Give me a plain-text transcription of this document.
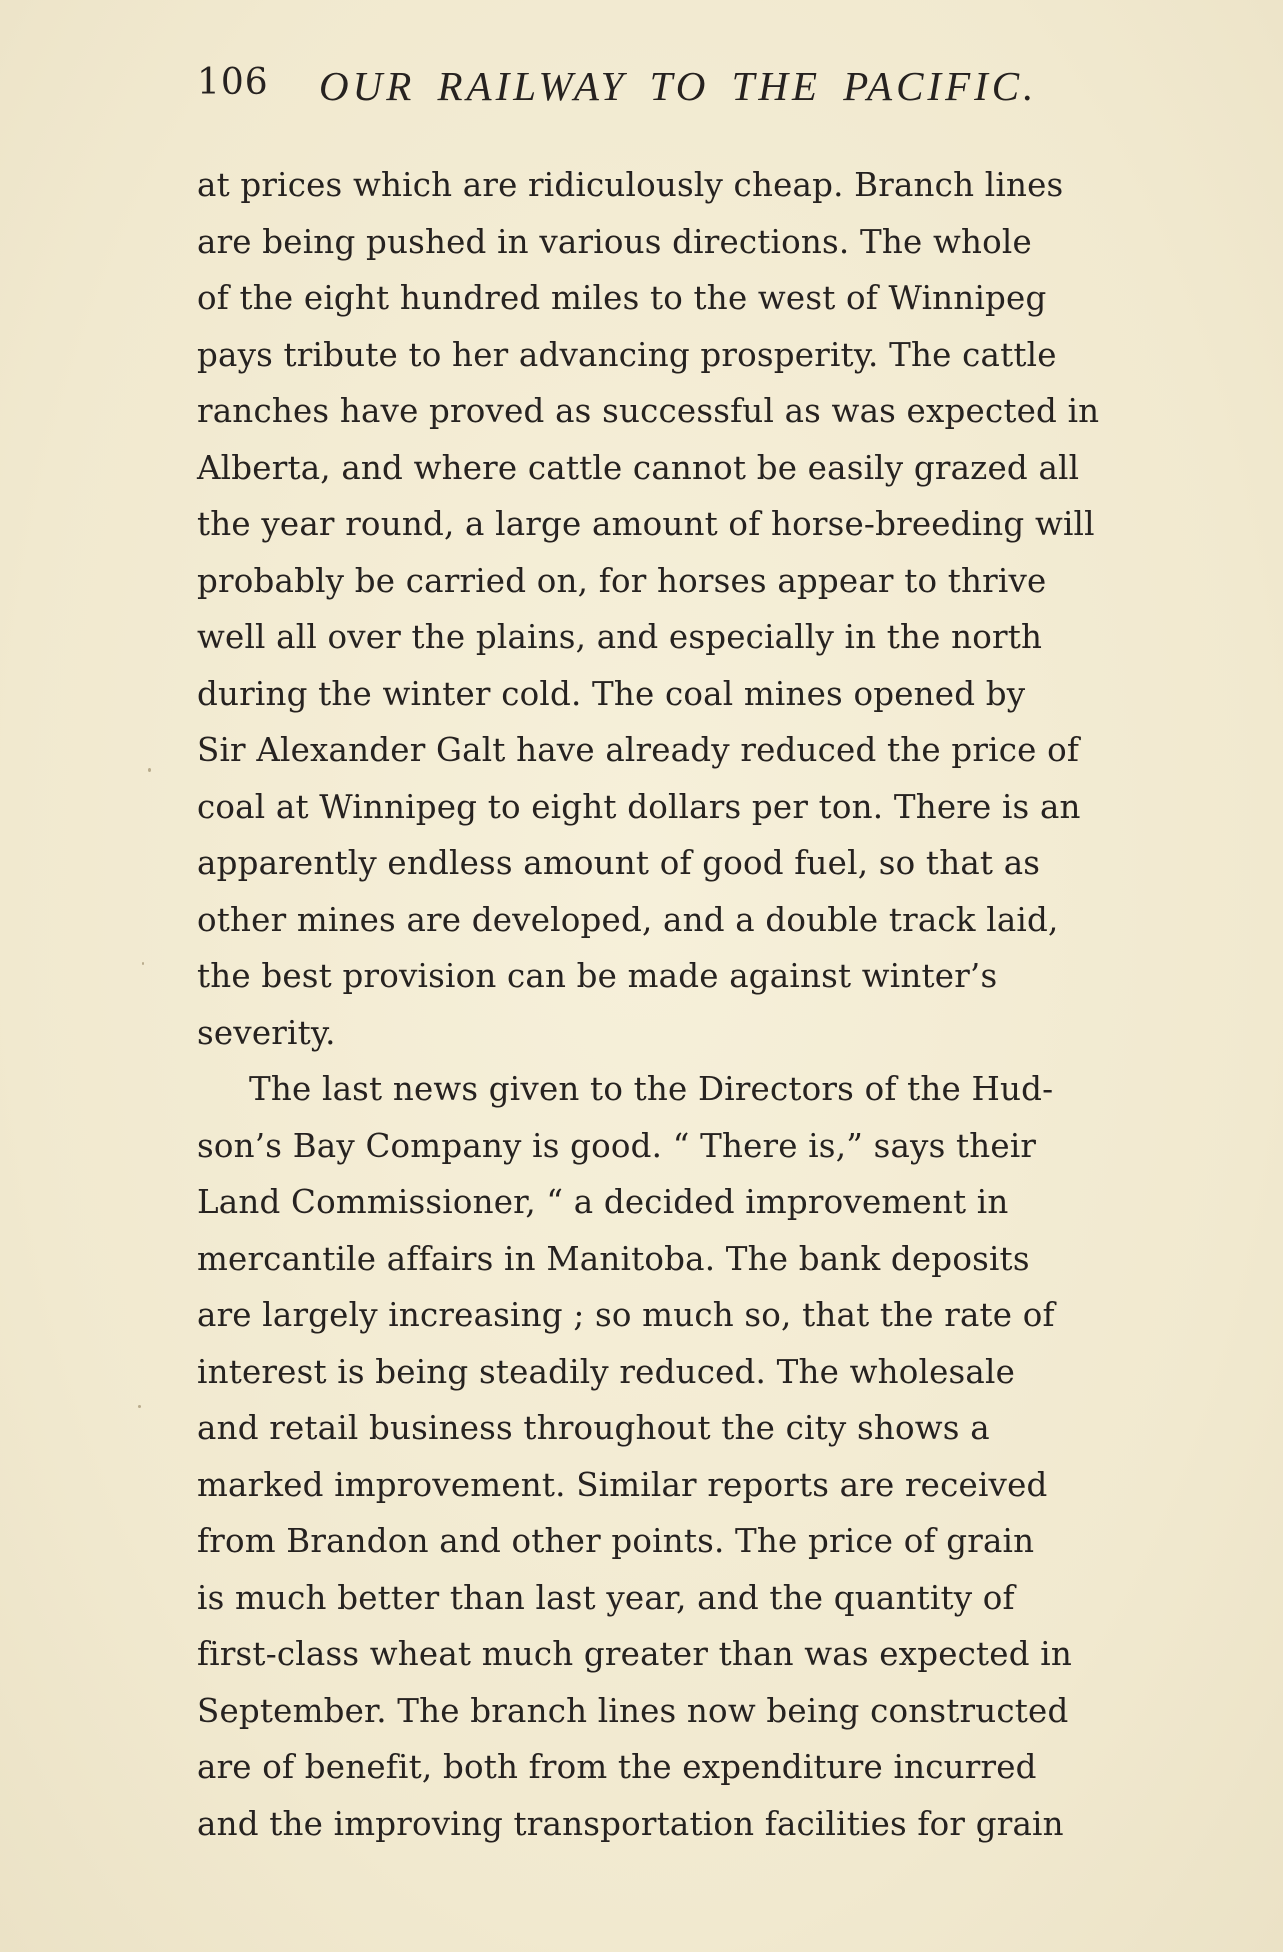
106 OUR RAILWAY TO THE PACIFIC.
at prices which are ridiculously cheap. Branch lines
are being pushed in various directions. The whole
of the eight hundred miles to the west of Winnipeg
pays tribute to her advancing prosperity. The cattle
ranches have proved as successful as was expected in
Alberta, and where cattle cannot be easily grazed all
the year round, a large amount of horse-breeding will
probably be carried on, for horses appear to thrive
well all over the plains, and especially in the north
during the winter cold. The coal mines opened by
Sir Alexander Galt have already reduced the price of
coal at Winnipeg to eight dollars per ton. There is an
apparently endless amount of good fuel, so that as
other mines are developed, and a double track laid,
the best provision can be made against winter’s
severity.
The last news given to the Directors of the Hud-
son’s Bay Company is good. “ There is,” says their
Land Commissioner, “ a decided improvement in
mercantile affairs in Manitoba. The bank deposits
are largely increasing ; so much so, that the rate of
interest is being steadily reduced. The wholesale
and retail business throughout the city shows a
marked improvement. Similar reports are received
from Brandon and other points. The price of grain
is much better than last year, and the quantity of
first-class wheat much greater than was expected in
September. The branch lines now being constructed
are of benefit, both from the expenditure incurred
and the improving transportation facilities for grain
